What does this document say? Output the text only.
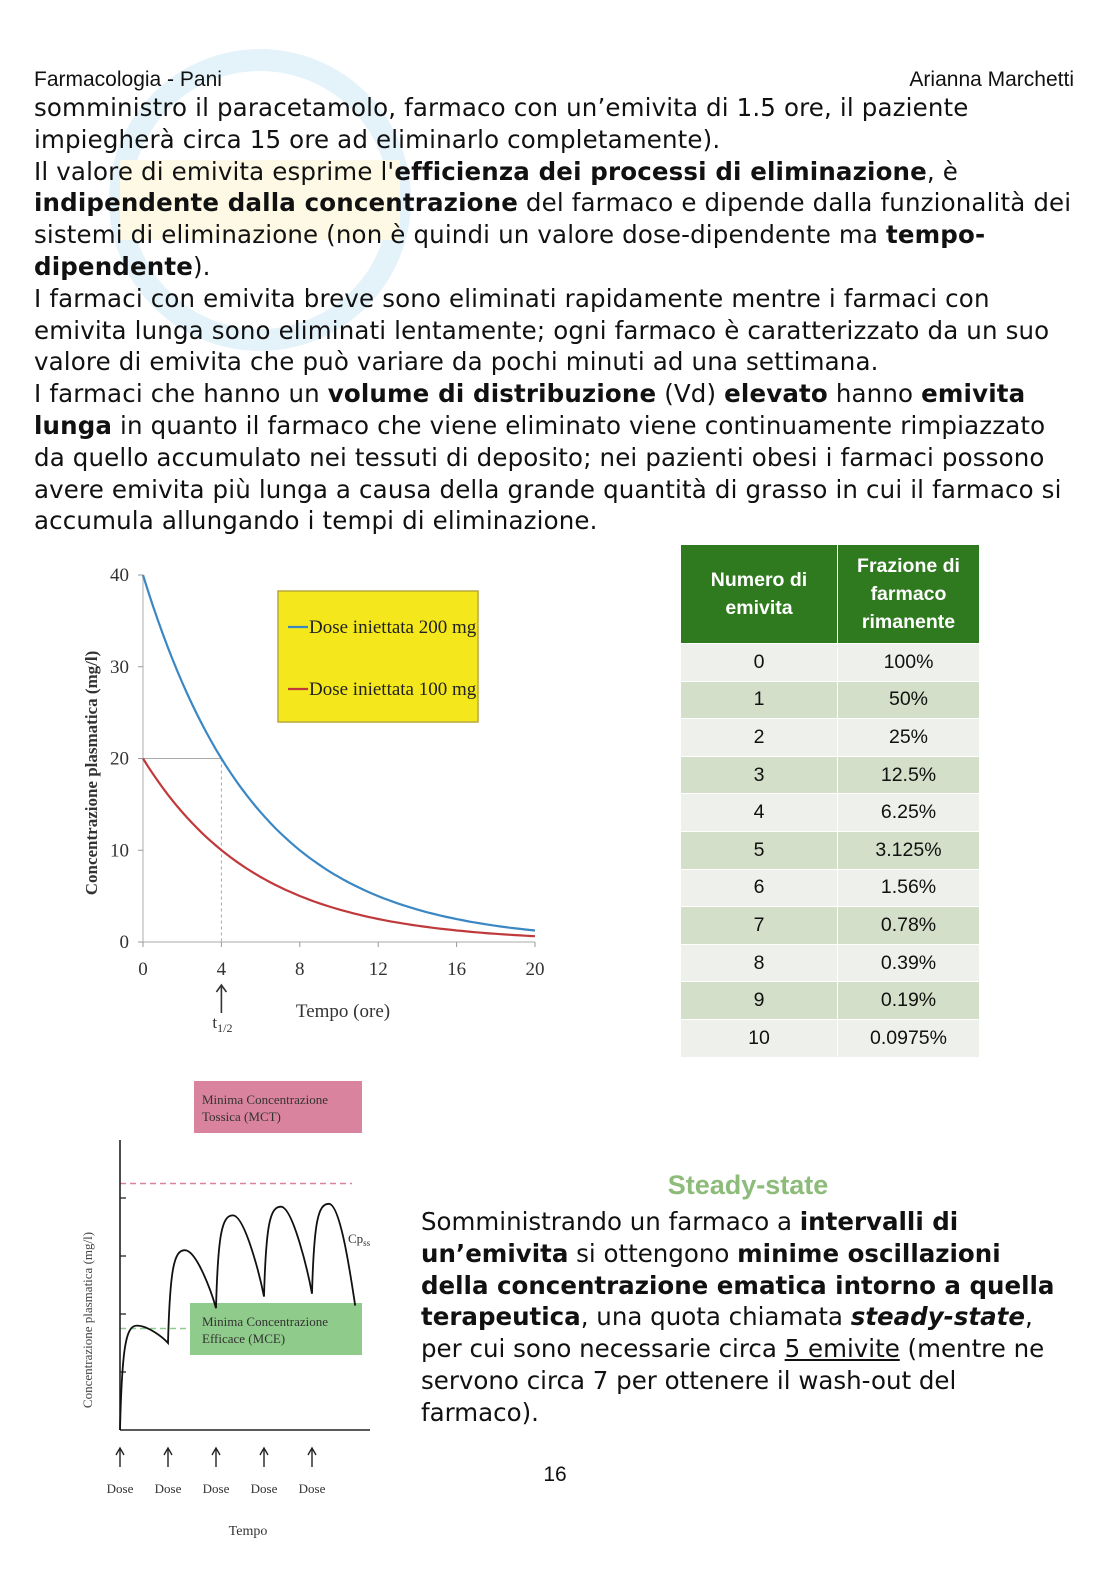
Farmacologia - Pani	Arianna Marchetti

somministro il paracetamolo, farmaco con un’emivita di 1.5 ore, il paziente impiegherà circa 15 ore ad eliminarlo completamente).

Il valore di emivita esprime l'efficienza dei processi di eliminazione, è indipendente dalla concentrazione del farmaco e dipende dalla funzionalità dei sistemi di eliminazione (non è quindi un valore dose-dipendente ma tempo-dipendente).

I farmaci con emivita breve sono eliminati rapidamente mentre i farmaci con emivita lunga sono eliminati lentamente; ogni farmaco è caratterizzato da un suo valore di emivita che può variare da pochi minuti ad una settimana.

I farmaci che hanno un volume di distribuzione (Vd) elevato hanno emivita lunga in quanto il farmaco che viene eliminato viene continuamente rimpiazzato da quello accumulato nei tessuti di deposito; nei pazienti obesi i farmaci possono avere emivita più lunga a causa della grande quantità di grasso in cui il farmaco si accumula allungando i tempi di eliminazione.

0
10
20
30
40
0	4	8	12	16	20
Concentrazione plasmatica (mg/l)
Tempo (ore)
Dose iniettata 200 mg
Dose iniettata 100 mg
$t_{1/2}$
Numero di emivita	Frazione di farmaco rimanente
0	100%
1	50%
2	25%
3	12.5%
4	6.25%
5	3.125%
6	1.56%
7	0.78%
8	0.39%
9	0.19%
10	0.0975%
Minima Concentrazione
Tossica (MCT)
Minima Concentrazione
Efficace (MCE)
Dose Dose Dose Dose Dose
Concentrazione plasmatica (mg/l)
Tempo
$Cp_{ss}$
Steady-state

Somministrando un farmaco a intervalli di un’emivita si ottengono minime oscillazioni della concentrazione ematica intorno a quella terapeutica, una quota chiamata steady-state, per cui sono necessarie circa 5 emivite (mentre ne servono circa 7 per ottenere il wash-out del farmaco).

16
